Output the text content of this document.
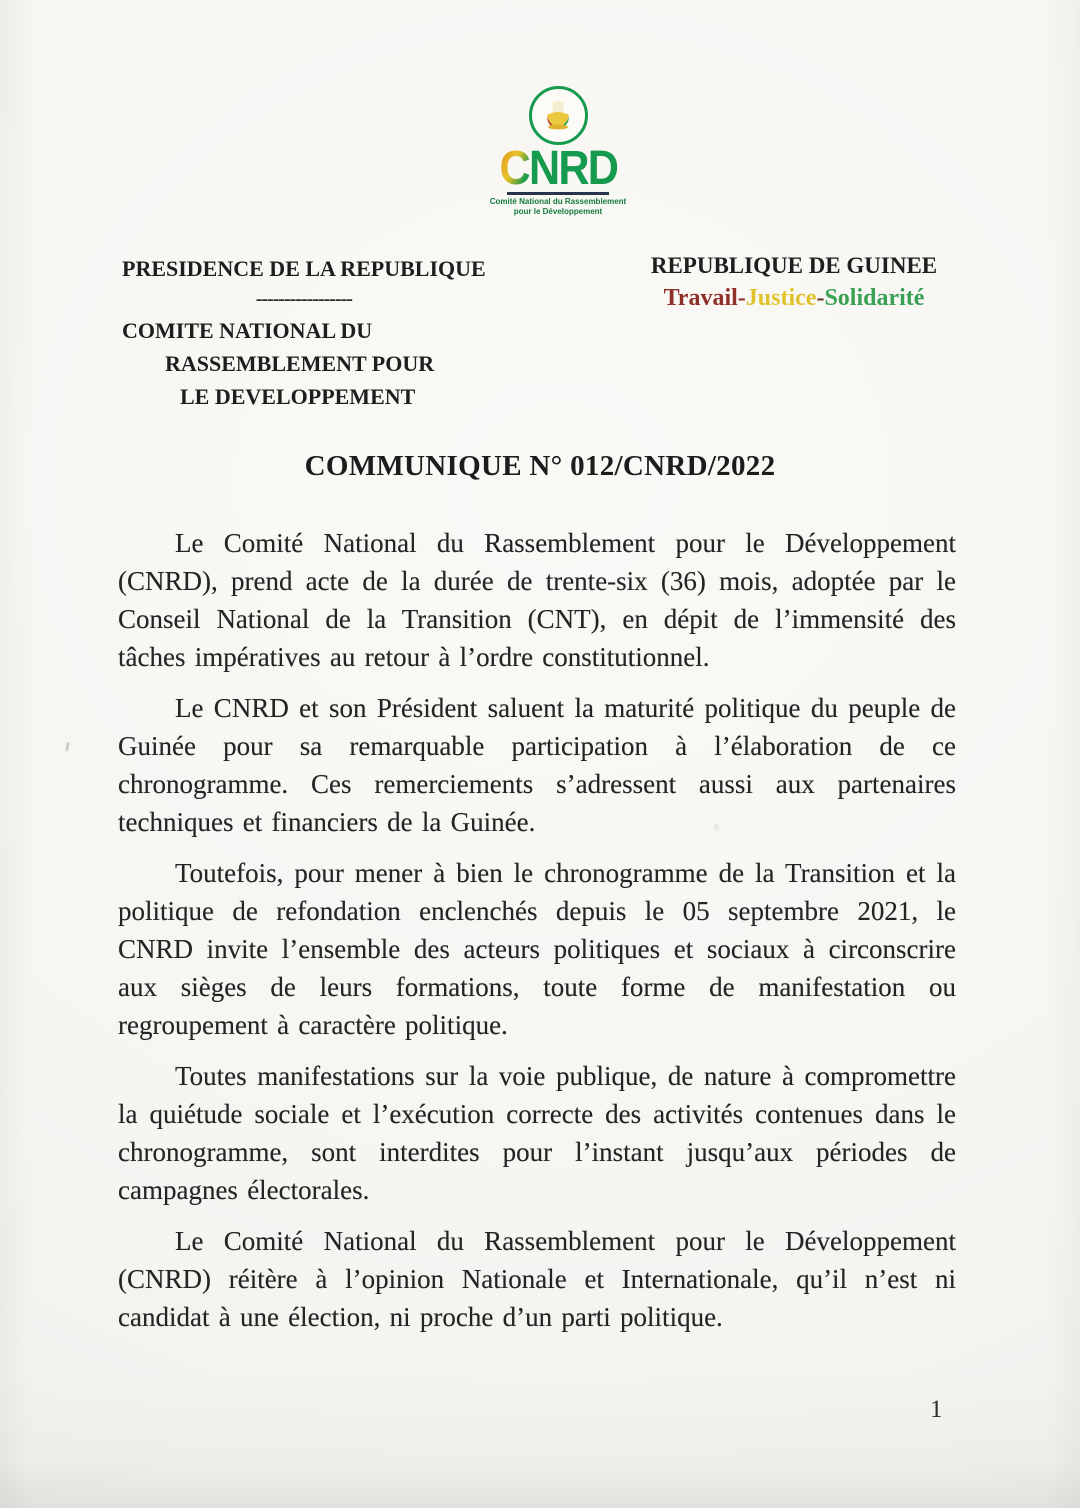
CNRD
Comité National du Rassemblement
pour le Développement
PRESIDENCE DE LA REPUBLIQUE
-----------------
COMITE NATIONAL DU
RASSEMBLEMENT POUR
LE DEVELOPPEMENT
REPUBLIQUE DE GUINEE
Travail-Justice-Solidarité
COMMUNIQUE N° 012/CNRD/2022

Le Comité National du Rassemblement pour le Développement (CNRD), prend acte de la durée de trente-six (36) mois, adoptée par le Conseil National de la Transition (CNT), en dépit de l’immensité des tâches impératives au retour à l’ordre constitutionnel.

Le CNRD et son Président saluent la maturité politique du peuple de Guinée pour sa remarquable participation à l’élaboration de ce chronogramme. Ces remerciements s’adressent aussi aux partenaires techniques et financiers de la Guinée.

Toutefois, pour mener à bien le chronogramme de la Transition et la politique de refondation enclenchés depuis le 05 septembre 2021, le CNRD invite l’ensemble des acteurs politiques et sociaux à circonscrire aux sièges de leurs formations, toute forme de manifestation ou regroupement à caractère politique.

Toutes manifestations sur la voie publique, de nature à compromettre la quiétude sociale et l’exécution correcte des activités contenues dans le chronogramme, sont interdites pour l’instant jusqu’aux périodes de campagnes électorales.

Le Comité National du Rassemblement pour le Développement (CNRD) réitère à l’opinion Nationale et Internationale, qu’il n’est ni candidat à une élection, ni proche d’un parti politique.

1
